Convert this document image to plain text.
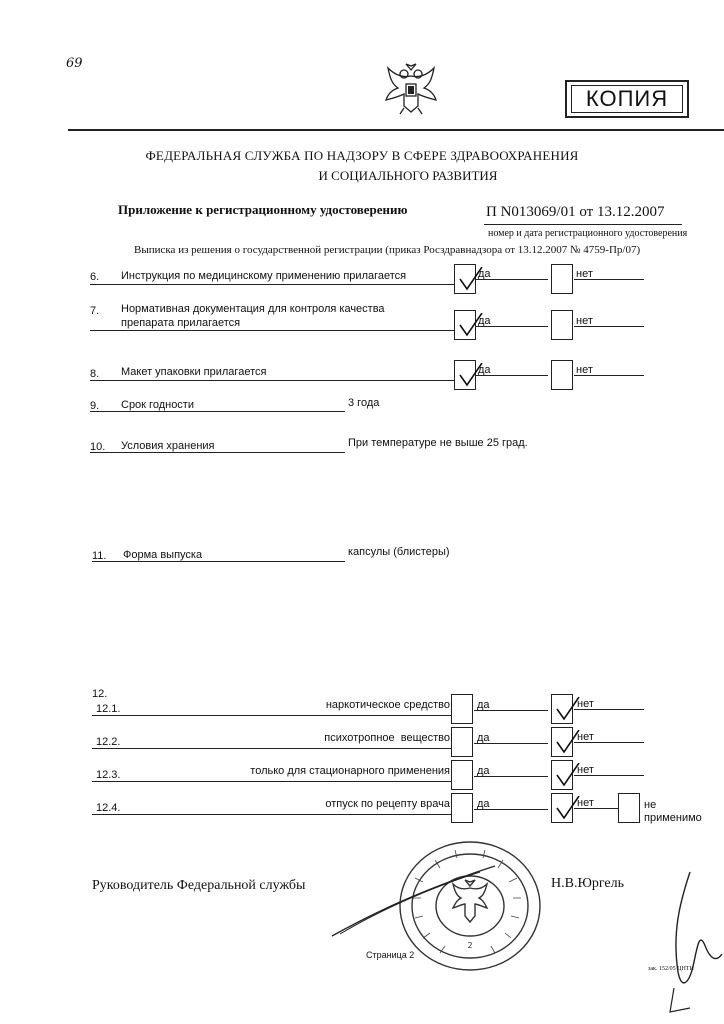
69
КОПИЯ
ФЕДЕРАЛЬНАЯ СЛУЖБА ПО НАДЗОРУ В СФЕРЕ ЗДРАВООХРАНЕНИЯ
И СОЦИАЛЬНОГО РАЗВИТИЯ
Приложение к регистрационному удостоверению	П N013069/01 от 13.12.2007
номер и дата регистрационного удостоверения
Выписка из решения о государственной регистрации (приказ Росздравнадзора от 13.12.2007 № 4759-Пр/07)
6. Инструкция по медицинскому применению прилагается	да	нет
7. Нормативная документация для контроля качества
препарата прилагается	да	нет
8. Макет упаковки прилагается	да	нет
9. Срок годности	3 года
10. Условия хранения	При температуре не выше 25 град.
11. Форма выпуска	капсулы (блистеры)
12.
12.1.	наркотическое средство да	нет
12.2.	психотропное  вещество да	нет
12.3.	только для стационарного применения да	нет
12.4.	отпуск по рецепту врача да	нет	не
применимо
2
Руководитель Федеральной службы	Н.В.Юргель
Страница 2
зак. 152/05 ЦНТИ
